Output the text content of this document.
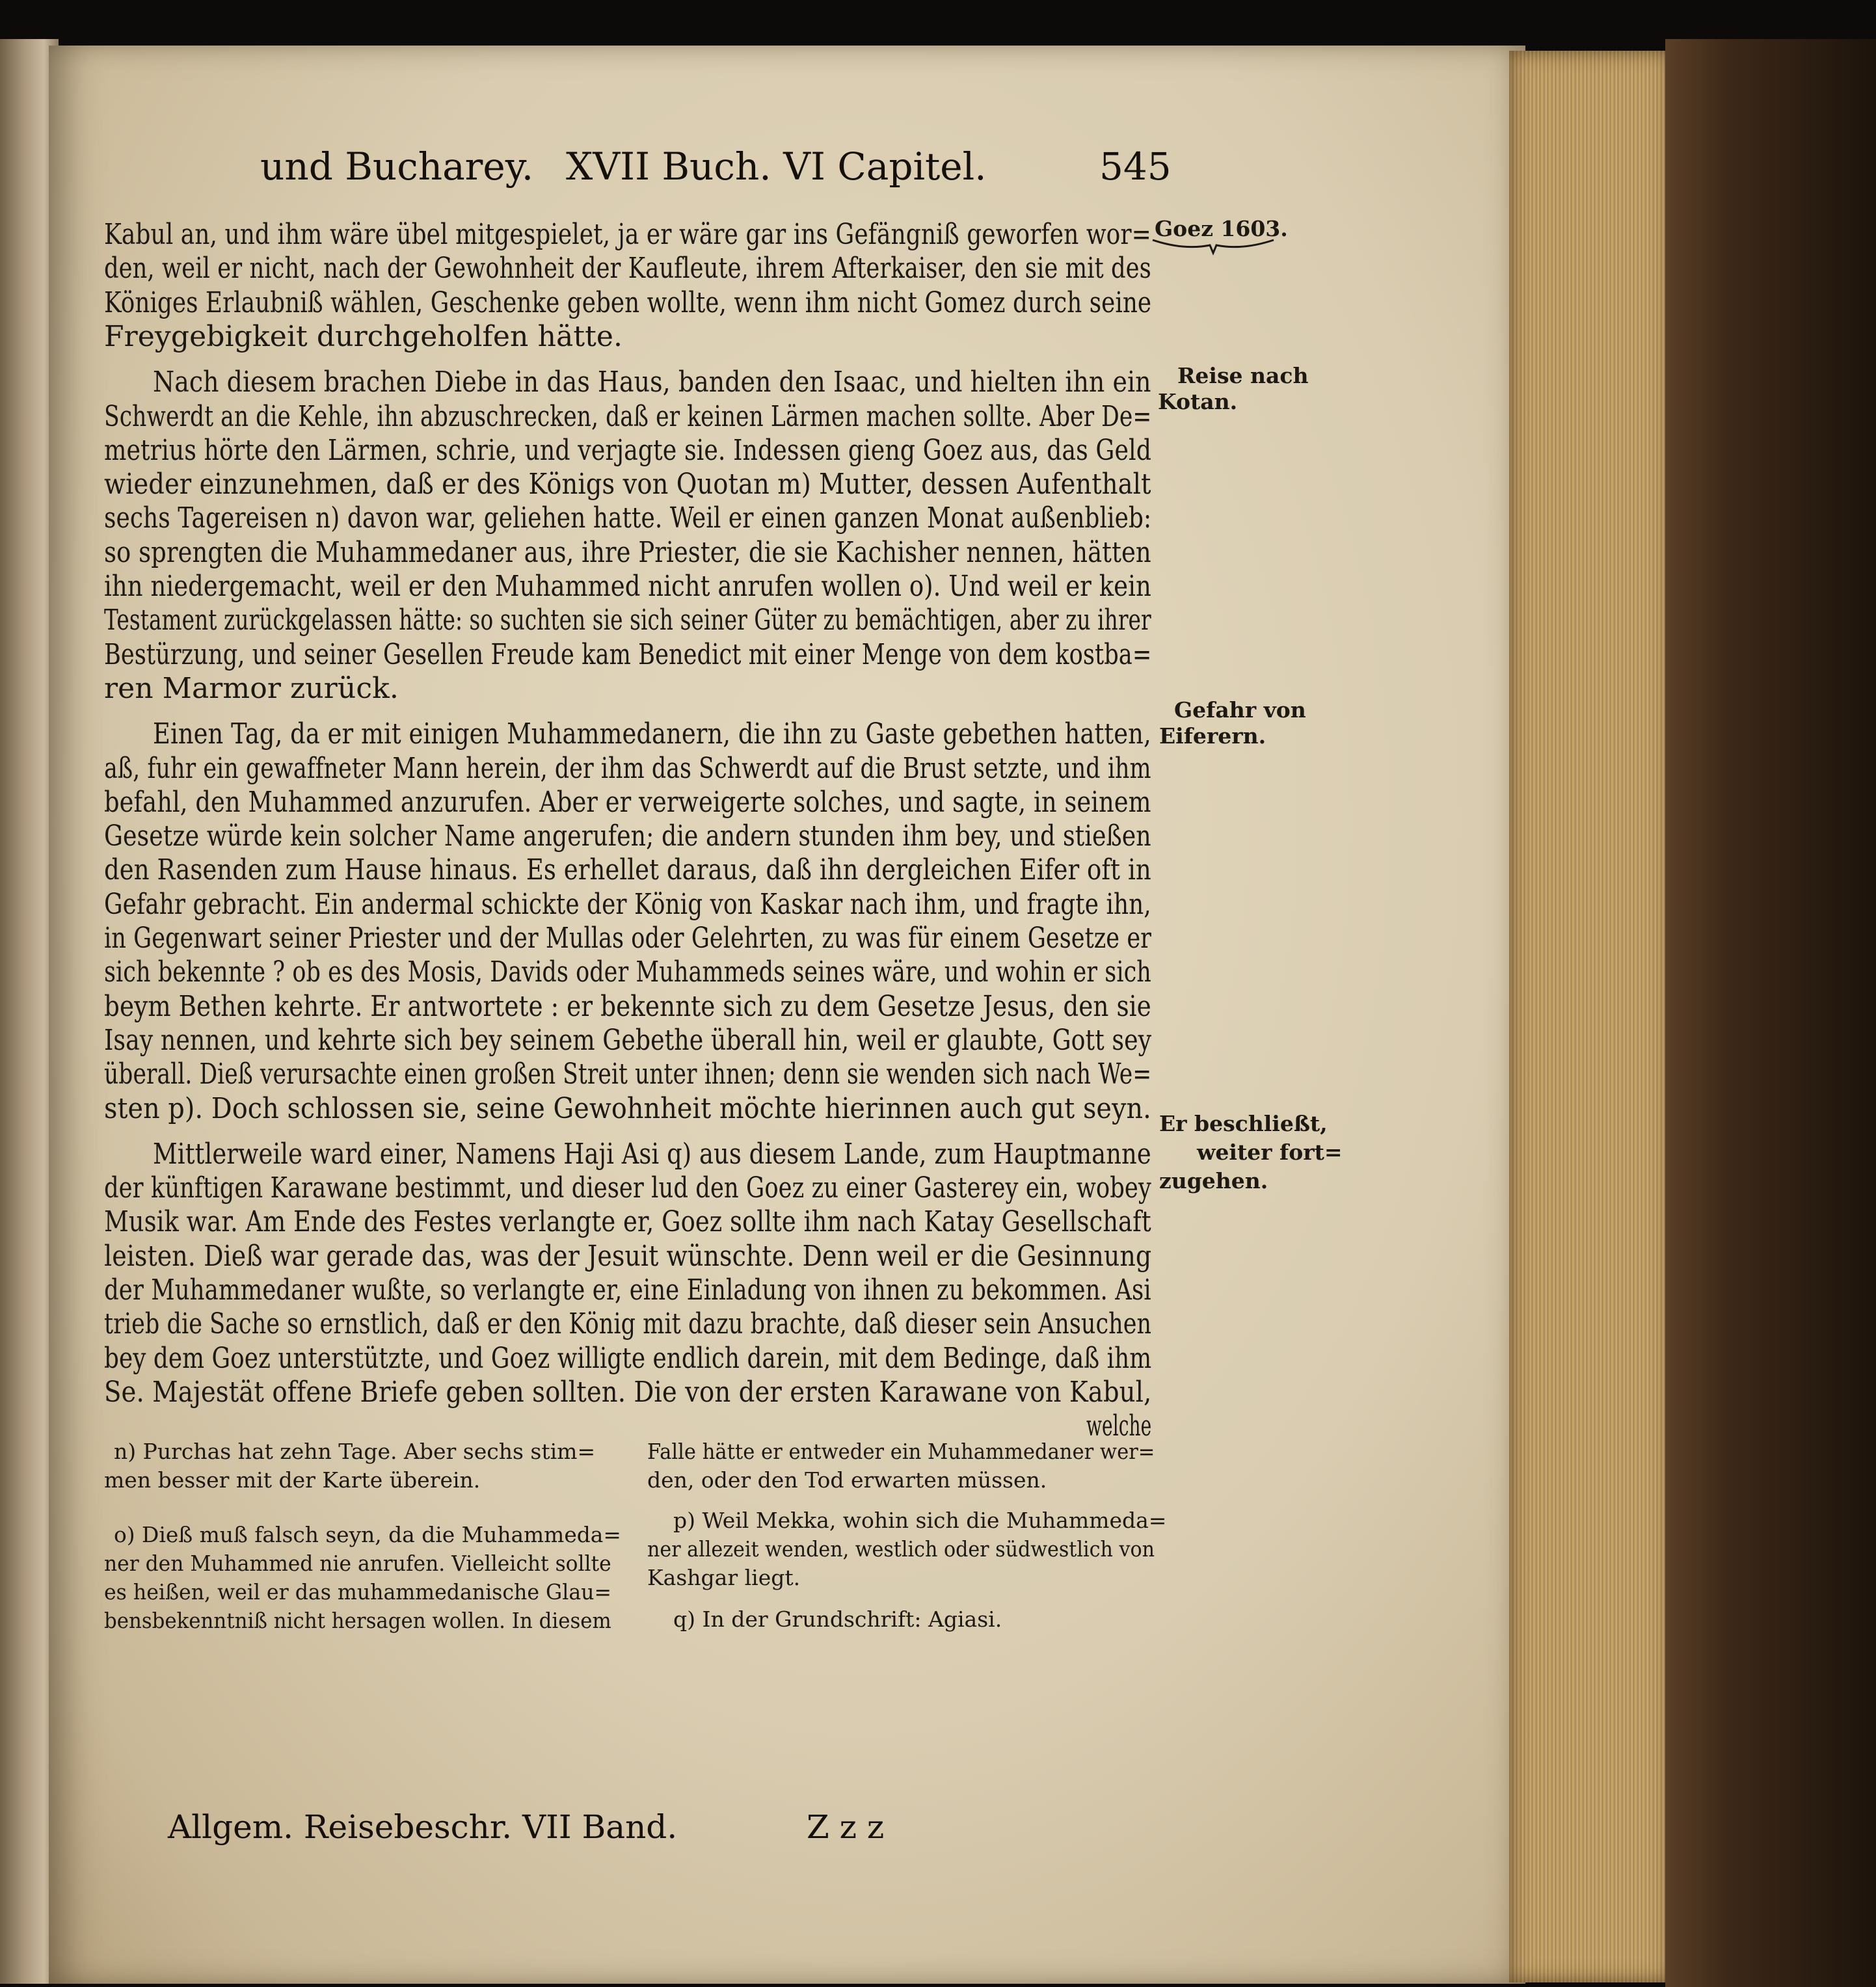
und Bucharey. XVII Buch. VI Capitel.	545
Kabul an, und ihm wäre übel mitgespielet, ja er wäre gar ins Gefängniß geworfen wor=
den, weil er nicht, nach der Gewohnheit der Kaufleute, ihrem Afterkaiser, den sie mit des
Königes Erlaubniß wählen, Geschenke geben wollte, wenn ihm nicht Gomez durch seine
Freygebigkeit durchgeholfen hätte.
Nach diesem brachen Diebe in das Haus, banden den Isaac, und hielten ihn ein
Schwerdt an die Kehle, ihn abzuschrecken, daß er keinen Lärmen machen sollte. Aber De=
metrius hörte den Lärmen, schrie, und verjagte sie. Indessen gieng Goez aus, das Geld
wieder einzunehmen, daß er des Königs von Quotan m) Mutter, dessen Aufenthalt
sechs Tagereisen n) davon war, geliehen hatte. Weil er einen ganzen Monat außenblieb:
so sprengten die Muhammedaner aus, ihre Priester, die sie Kachisher nennen, hätten
ihn niedergemacht, weil er den Muhammed nicht anrufen wollen o). Und weil er kein
Testament zurückgelassen hätte: so suchten sie sich seiner Güter zu bemächtigen, aber zu ihrer
Bestürzung, und seiner Gesellen Freude kam Benedict mit einer Menge von dem kostba=
ren Marmor zurück.
Einen Tag, da er mit einigen Muhammedanern, die ihn zu Gaste gebethen hatten,
aß, fuhr ein gewaffneter Mann herein, der ihm das Schwerdt auf die Brust setzte, und ihm
befahl, den Muhammed anzurufen. Aber er verweigerte solches, und sagte, in seinem
Gesetze würde kein solcher Name angerufen; die andern stunden ihm bey, und stießen
den Rasenden zum Hause hinaus. Es erhellet daraus, daß ihn dergleichen Eifer oft in
Gefahr gebracht. Ein andermal schickte der König von Kaskar nach ihm, und fragte ihn,
in Gegenwart seiner Priester und der Mullas oder Gelehrten, zu was für einem Gesetze er
sich bekennte ? ob es des Mosis, Davids oder Muhammeds seines wäre, und wohin er sich
beym Bethen kehrte. Er antwortete : er bekennte sich zu dem Gesetze Jesus, den sie
Isay nennen, und kehrte sich bey seinem Gebethe überall hin, weil er glaubte, Gott sey
überall. Dieß verursachte einen großen Streit unter ihnen; denn sie wenden sich nach We=
sten p). Doch schlossen sie, seine Gewohnheit möchte hierinnen auch gut seyn.
Mittlerweile ward einer, Namens Haji Asi q) aus diesem Lande, zum Hauptmanne
der künftigen Karawane bestimmt, und dieser lud den Goez zu einer Gasterey ein, wobey
Musik war. Am Ende des Festes verlangte er, Goez sollte ihm nach Katay Gesellschaft
leisten. Dieß war gerade das, was der Jesuit wünschte. Denn weil er die Gesinnung
der Muhammedaner wußte, so verlangte er, eine Einladung von ihnen zu bekommen. Asi
trieb die Sache so ernstlich, daß er den König mit dazu brachte, daß dieser sein Ansuchen
bey dem Goez unterstützte, und Goez willigte endlich darein, mit dem Bedinge, daß ihm
Se. Majestät offene Briefe geben sollten. Die von der ersten Karawane von Kabul,
welche
Goez 1603.
Reise nach
Kotan.
Gefahr von
Eiferern.
Er beschließt,
weiter fort=
zugehen.
n) Purchas hat zehn Tage. Aber sechs stim=
men besser mit der Karte überein.
o) Dieß muß falsch seyn, da die Muhammeda=
ner den Muhammed nie anrufen. Vielleicht sollte
es heißen, weil er das muhammedanische Glau=
bensbekenntniß nicht hersagen wollen. In diesem
Falle hätte er entweder ein Muhammedaner wer=
den, oder den Tod erwarten müssen.
p) Weil Mekka, wohin sich die Muhammeda=
ner allezeit wenden, westlich oder südwestlich von
Kashgar liegt.
q) In der Grundschrift: Agiasi.
Allgem. Reisebeschr. VII Band.	Z z z
